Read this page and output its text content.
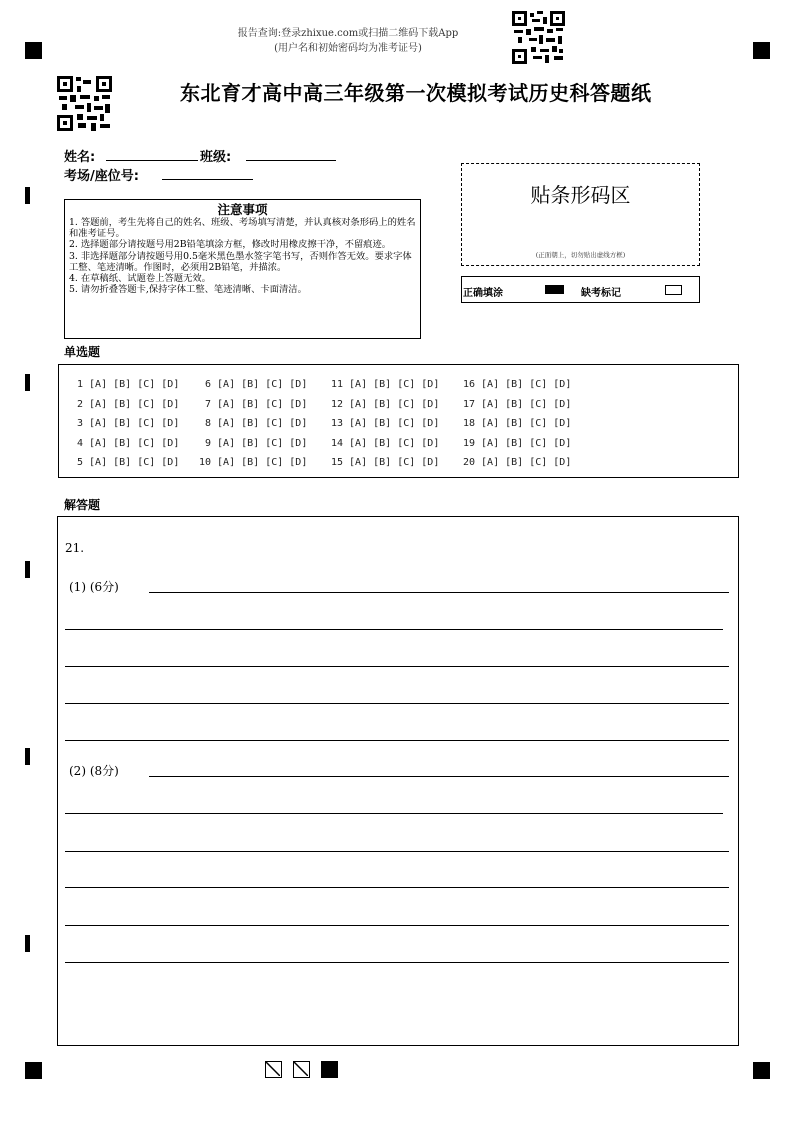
报告查询:登录zhixue.com或扫描二维码下载App
(用户名和初始密码均为准考证号)
东北育才高中高三年级第一次模拟考试历史科答题纸
姓名:	班级:
考场/座位号:
注意事项
1. 答题前，考生先将自己的姓名、班级、考场填写清楚，并认真核对条形码上的姓名和准考证号。
2. 选择题部分请按题号用2B铅笔填涂方框，修改时用橡皮擦干净，不留痕迹。
3. 非选择题部分请按题号用0.5毫米黑色墨水签字笔书写，否则作答无效。要求字体工整、笔迹清晰。作图时，必须用2B铅笔，并描浓。
4. 在草稿纸、试题卷上答题无效。
5. 请勿折叠答题卡,保持字体工整、笔迹清晰、卡面清洁。
贴条形码区
(正面朝上，切勿贴出虚线方框)
正确填涂	缺考标记
单选题
1 [A] [B] [C] [D]
2 [A] [B] [C] [D]
3 [A] [B] [C] [D]
4 [A] [B] [C] [D]
5 [A] [B] [C] [D]
6 [A] [B] [C] [D]
7 [A] [B] [C] [D]
8 [A] [B] [C] [D]
9 [A] [B] [C] [D]
10 [A] [B] [C] [D]
11 [A] [B] [C] [D]
12 [A] [B] [C] [D]
13 [A] [B] [C] [D]
14 [A] [B] [C] [D]
15 [A] [B] [C] [D]
16 [A] [B] [C] [D]
17 [A] [B] [C] [D]
18 [A] [B] [C] [D]
19 [A] [B] [C] [D]
20 [A] [B] [C] [D]
解答题
21.
(1) (6分)
(2) (8分)
